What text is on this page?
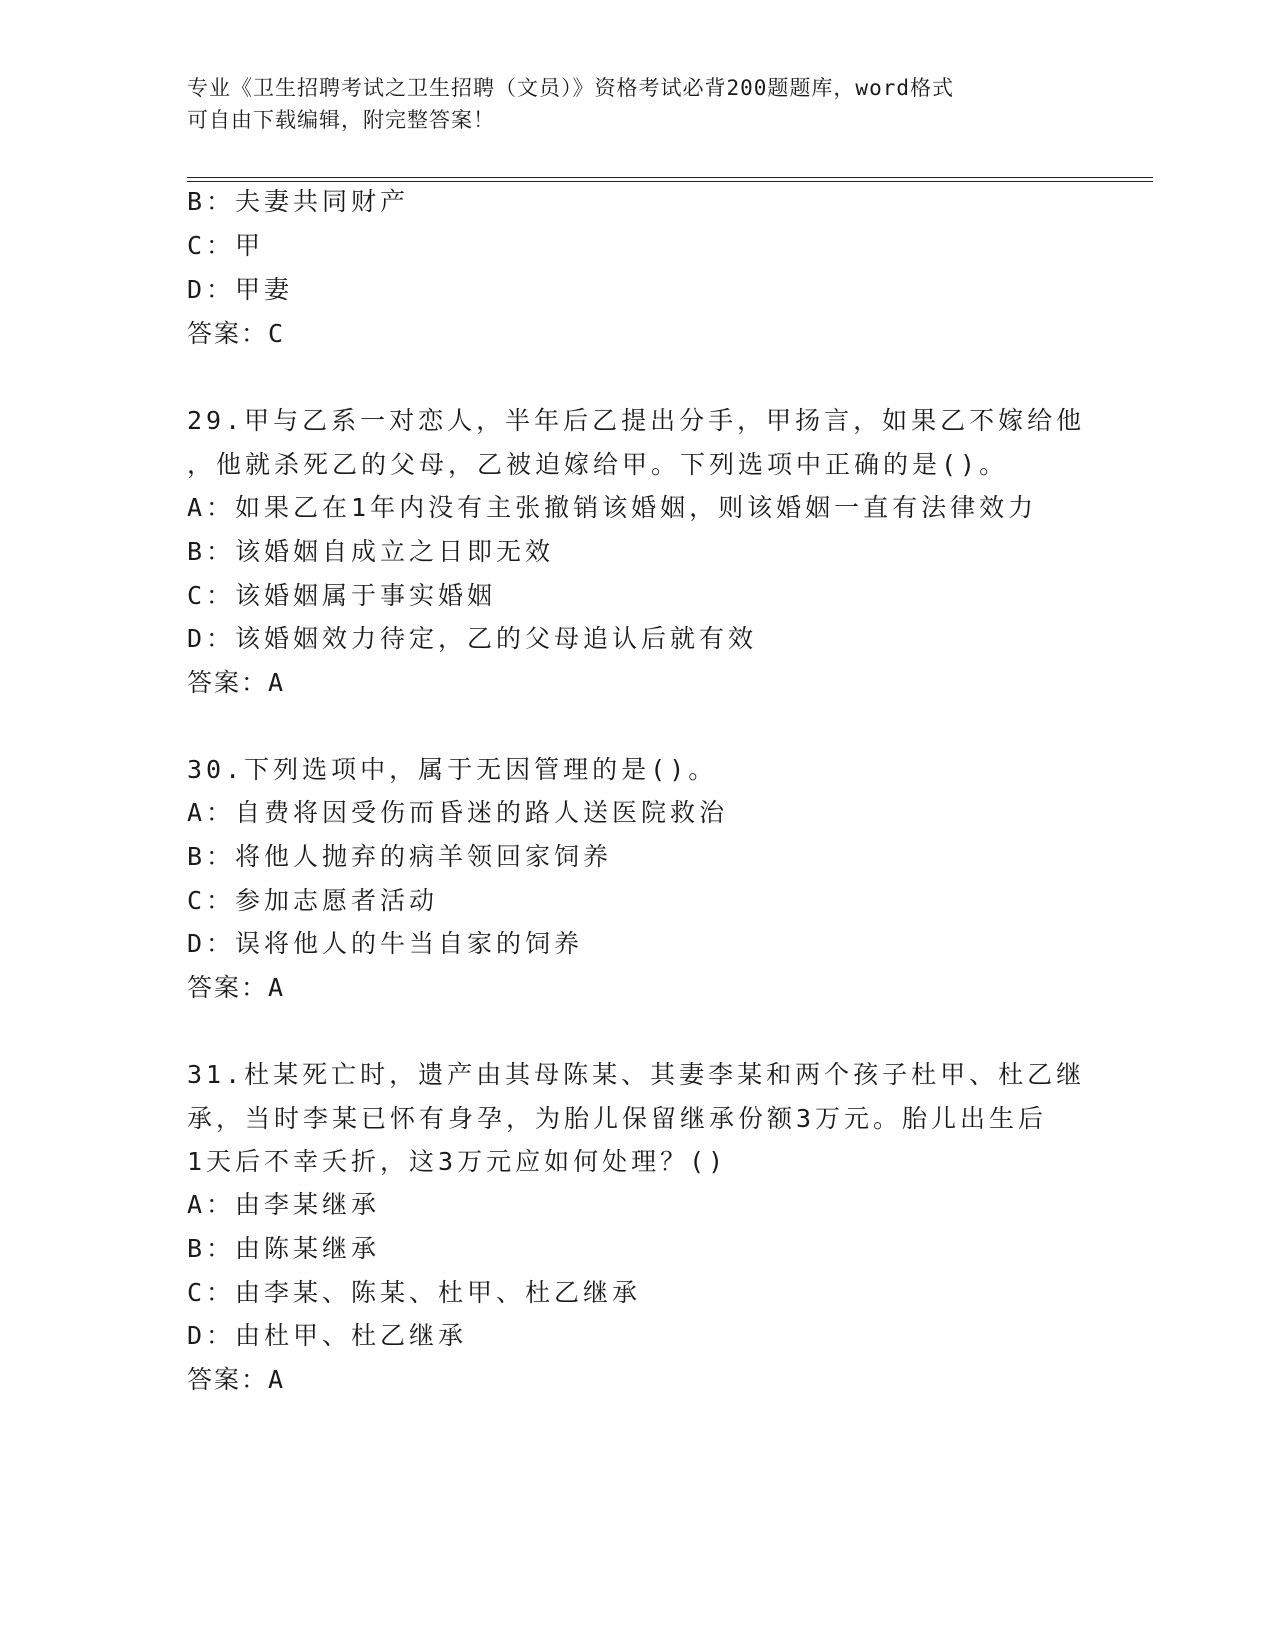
专业《卫生招聘考试之卫生招聘（文员）》资格考试必背200题题库，word格式
可自由下载编辑，附完整答案！
B：夫妻共同财产
C：甲
D：甲妻
答案：C
29.甲与乙系一对恋人，半年后乙提出分手，甲扬言，如果乙不嫁给他
，他就杀死乙的父母，乙被迫嫁给甲。下列选项中正确的是()。
A：如果乙在1年内没有主张撤销该婚姻，则该婚姻一直有法律效力
B：该婚姻自成立之日即无效
C：该婚姻属于事实婚姻
D：该婚姻效力待定，乙的父母追认后就有效
答案：A
30.下列选项中，属于无因管理的是()。
A：自费将因受伤而昏迷的路人送医院救治
B：将他人抛弃的病羊领回家饲养
C：参加志愿者活动
D：误将他人的牛当自家的饲养
答案：A
31.杜某死亡时，遗产由其母陈某、其妻李某和两个孩子杜甲、杜乙继
承，当时李某已怀有身孕，为胎儿保留继承份额3万元。胎儿出生后
1天后不幸夭折，这3万元应如何处理？()
A：由李某继承
B：由陈某继承
C：由李某、陈某、杜甲、杜乙继承
D：由杜甲、杜乙继承
答案：A
